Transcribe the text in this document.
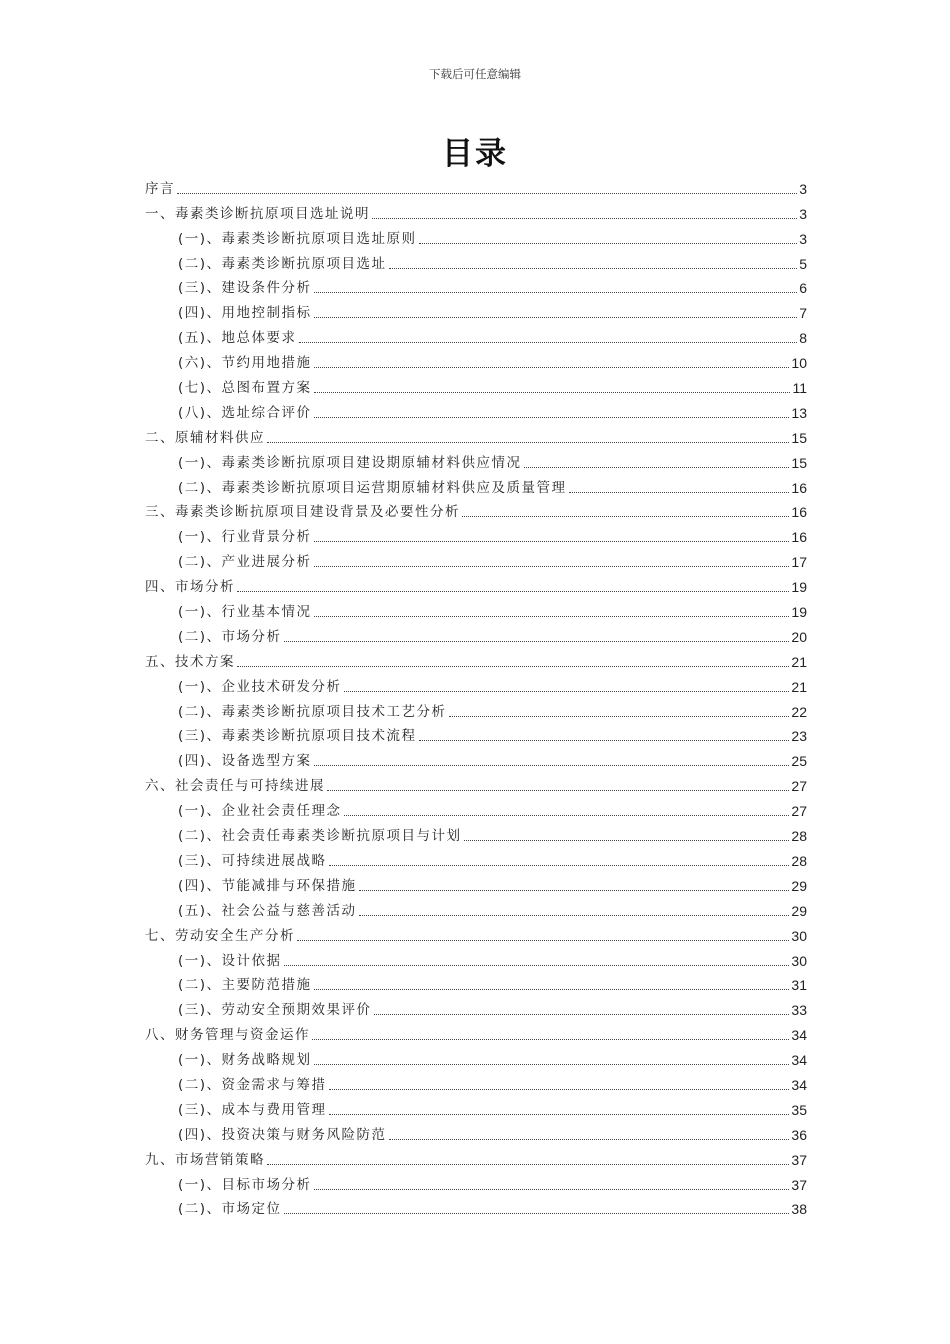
下载后可任意编辑
目录
序言	3
一、毒素类诊断抗原项目选址说明	3
(一)、毒素类诊断抗原项目选址原则	3
(二)、毒素类诊断抗原项目选址	5
(三)、建设条件分析	6
(四)、用地控制指标	7
(五)、地总体要求	8
(六)、节约用地措施	10
(七)、总图布置方案	11
(八)、选址综合评价	13
二、原辅材料供应	15
(一)、毒素类诊断抗原项目建设期原辅材料供应情况	15
(二)、毒素类诊断抗原项目运营期原辅材料供应及质量管理	16
三、毒素类诊断抗原项目建设背景及必要性分析	16
(一)、行业背景分析	16
(二)、产业进展分析	17
四、市场分析	19
(一)、行业基本情况	19
(二)、市场分析	20
五、技术方案	21
(一)、企业技术研发分析	21
(二)、毒素类诊断抗原项目技术工艺分析	22
(三)、毒素类诊断抗原项目技术流程	23
(四)、设备选型方案	25
六、社会责任与可持续进展	27
(一)、企业社会责任理念	27
(二)、社会责任毒素类诊断抗原项目与计划	28
(三)、可持续进展战略	28
(四)、节能减排与环保措施	29
(五)、社会公益与慈善活动	29
七、劳动安全生产分析	30
(一)、设计依据	30
(二)、主要防范措施	31
(三)、劳动安全预期效果评价	33
八、财务管理与资金运作	34
(一)、财务战略规划	34
(二)、资金需求与筹措	34
(三)、成本与费用管理	35
(四)、投资决策与财务风险防范	36
九、市场营销策略	37
(一)、目标市场分析	37
(二)、市场定位	38
